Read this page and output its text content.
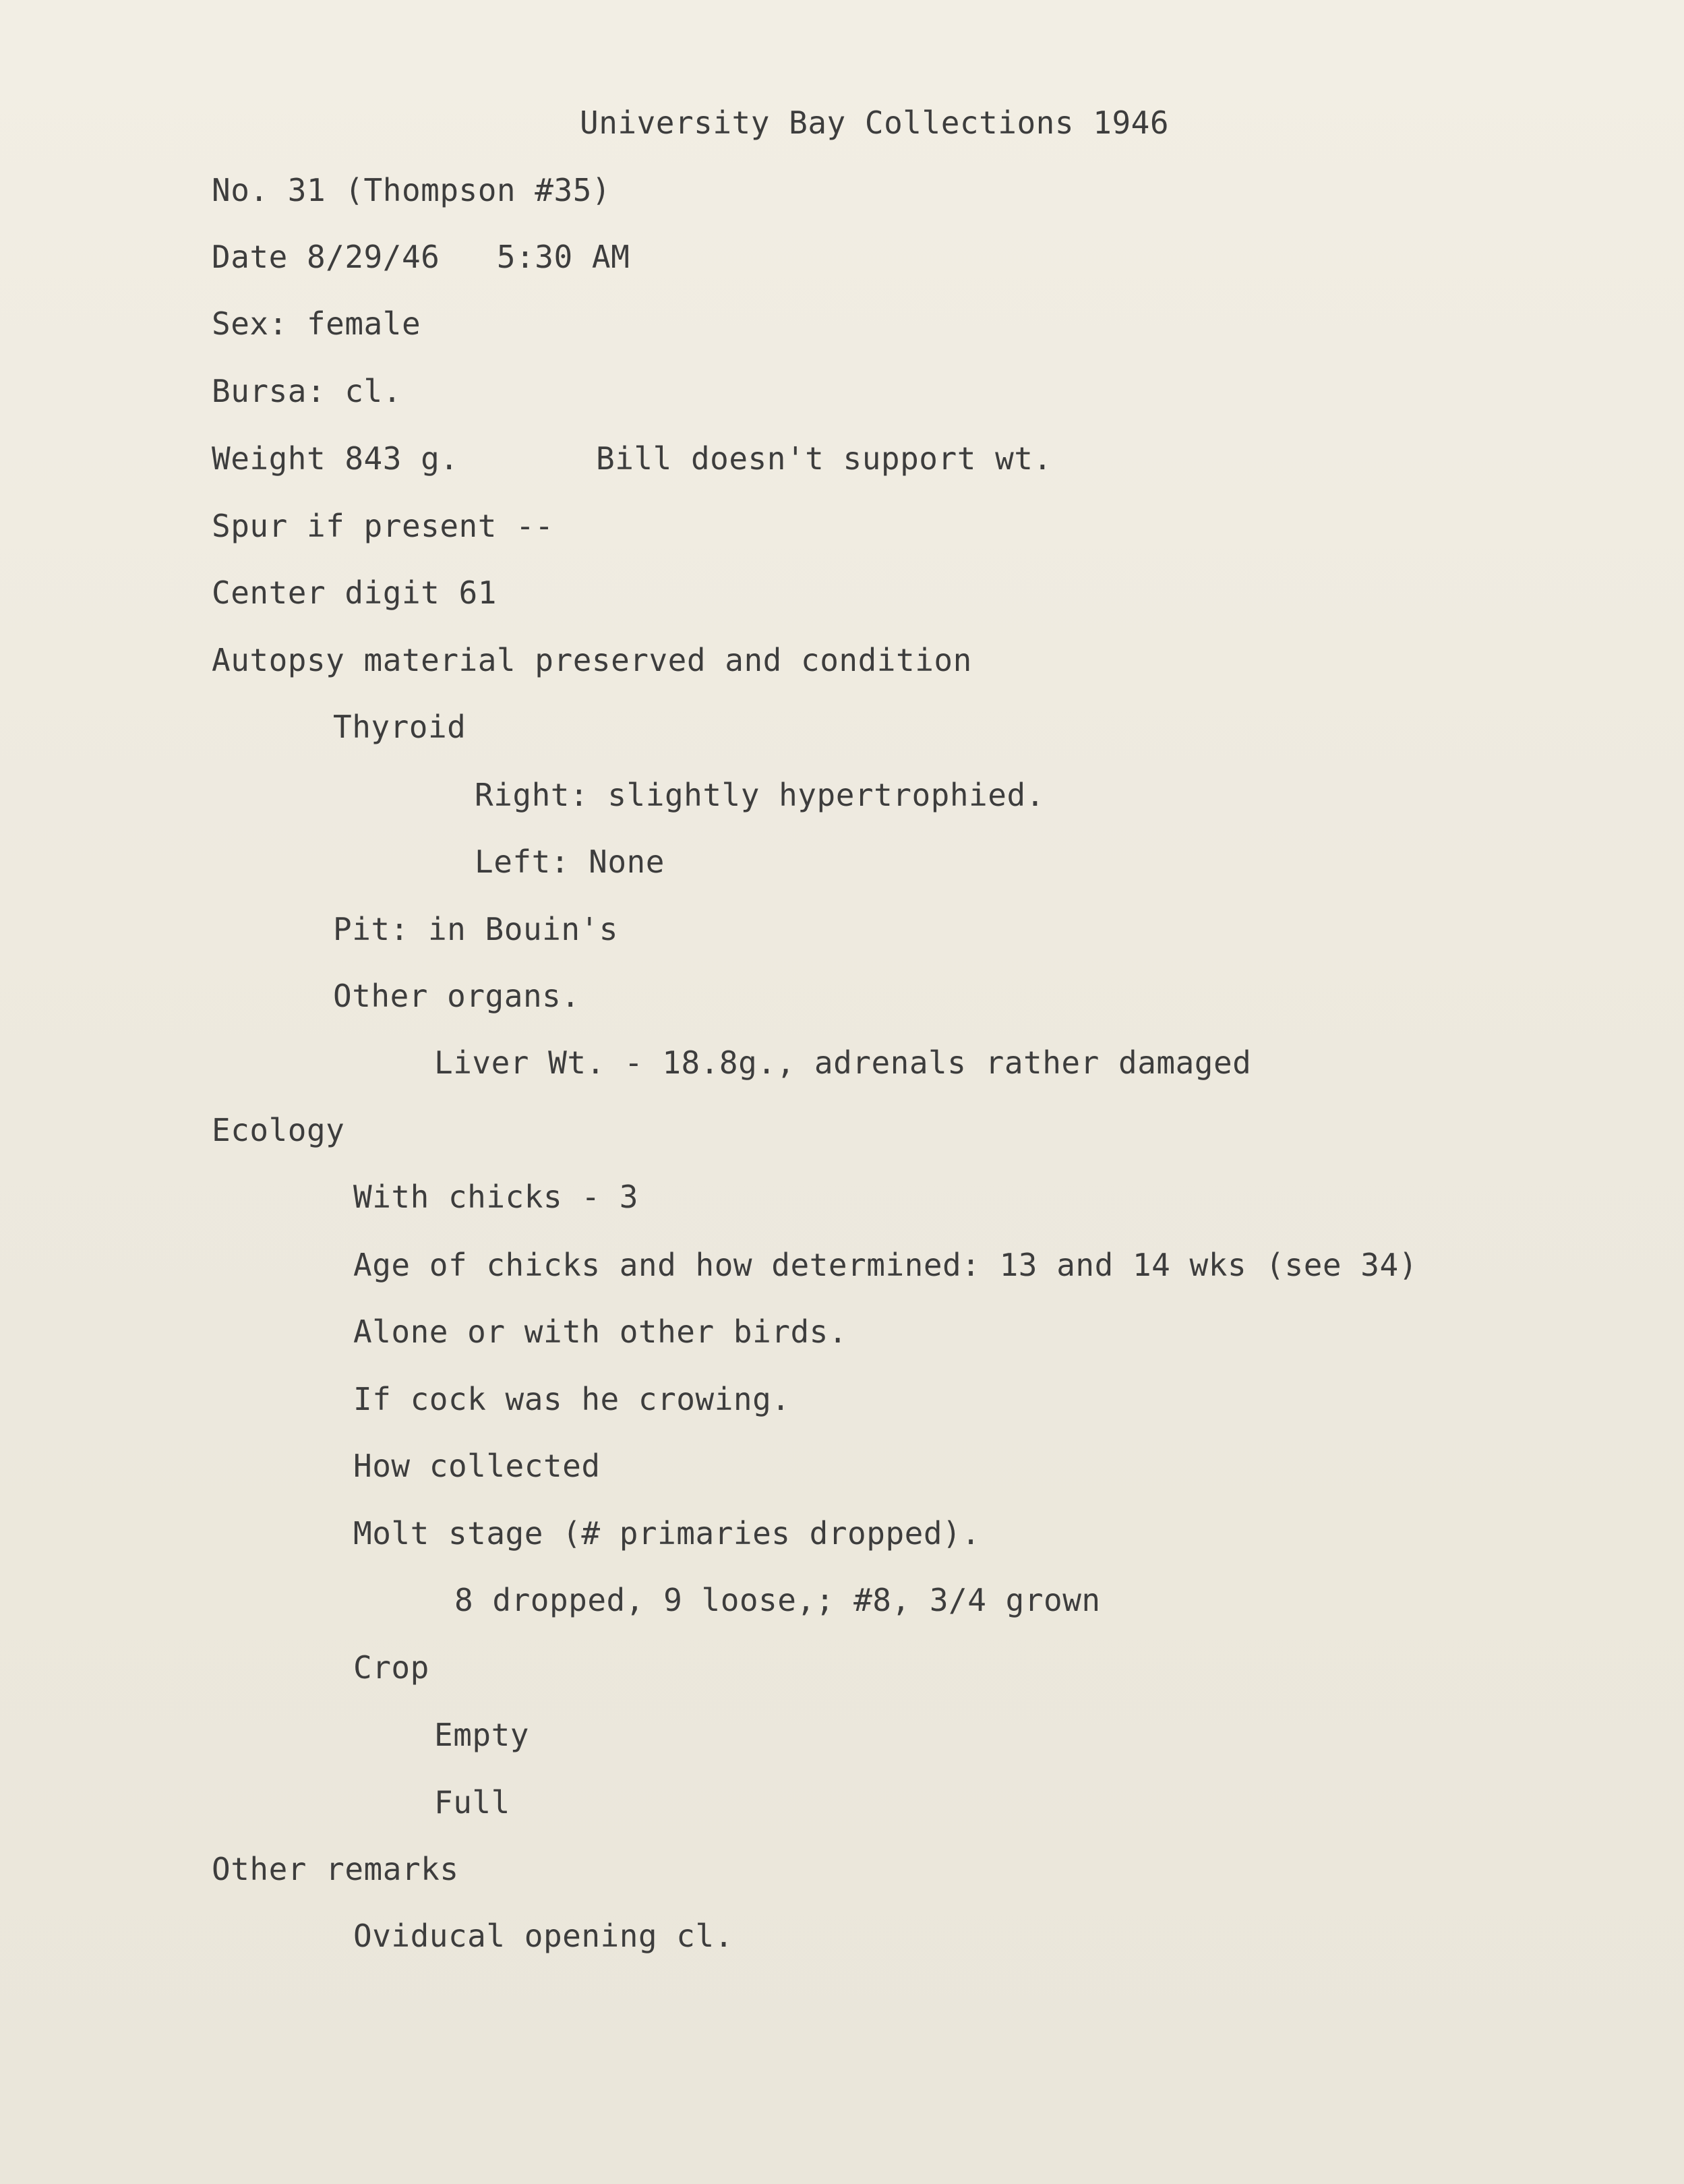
University Bay Collections 1946
No. 31 (Thompson #35)
Date 8/29/46   5:30 AM
Sex: female
Bursa: cl.
Weight 843 g.	Bill doesn't support wt.
Spur if present --
Center digit 61
Autopsy material preserved and condition
Thyroid
Right: slightly hypertrophied.
Left: None
Pit: in Bouin's
Other organs.
Liver Wt. - 18.8g., adrenals rather damaged
Ecology
With chicks - 3
Age of chicks and how determined: 13 and 14 wks (see 34)
Alone or with other birds.
If cock was he crowing.
How collected
Molt stage (# primaries dropped).
8 dropped, 9 loose,; #8, 3/4 grown
Crop
Empty
Full
Other remarks
Oviducal opening cl.
